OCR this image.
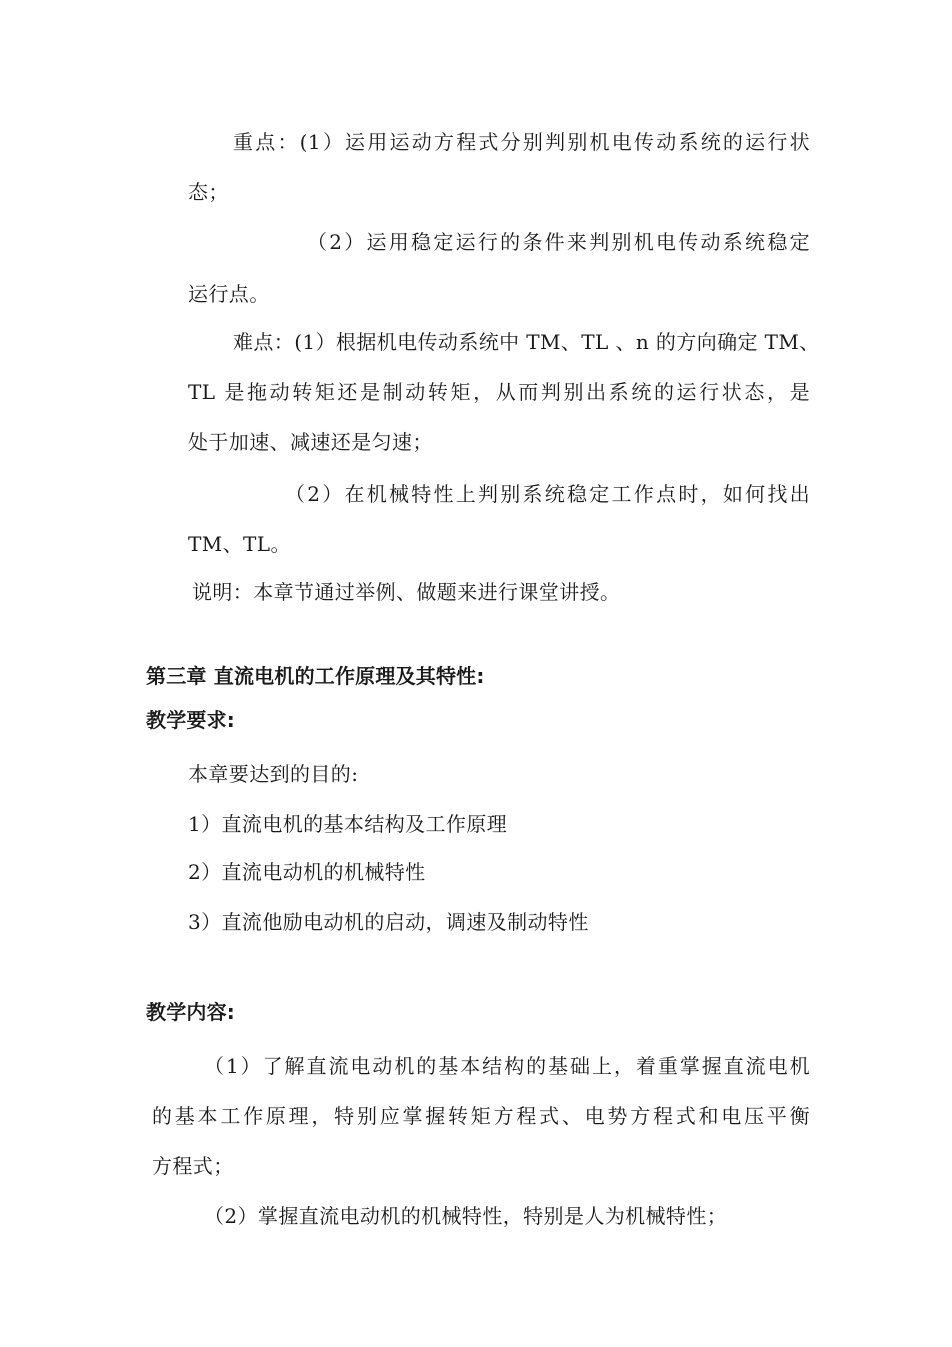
重点：(1）运用运动方程式分别判别机电传动系统的运行状
态；
（2）运用稳定运行的条件来判别机电传动系统稳定
运行点。
难点：(1）根据机电传动系统中 TM、TL 、n 的方向确定 TM、
TL 是拖动转矩还是制动转矩，从而判别出系统的运行状态，是
处于加速、减速还是匀速；
（2）在机械特性上判别系统稳定工作点时，如何找出
TM、TL。
说明：本章节通过举例、做题来进行课堂讲授。
第三章 直流电机的工作原理及其特性:
教学要求:
本章要达到的目的:
1）直流电机的基本结构及工作原理
2）直流电动机的机械特性
3）直流他励电动机的启动，调速及制动特性
教学内容:
（1）了解直流电动机的基本结构的基础上，着重掌握直流电机
的基本工作原理，特别应掌握转矩方程式、电势方程式和电压平衡
方程式；
（2）掌握直流电动机的机械特性，特别是人为机械特性；
